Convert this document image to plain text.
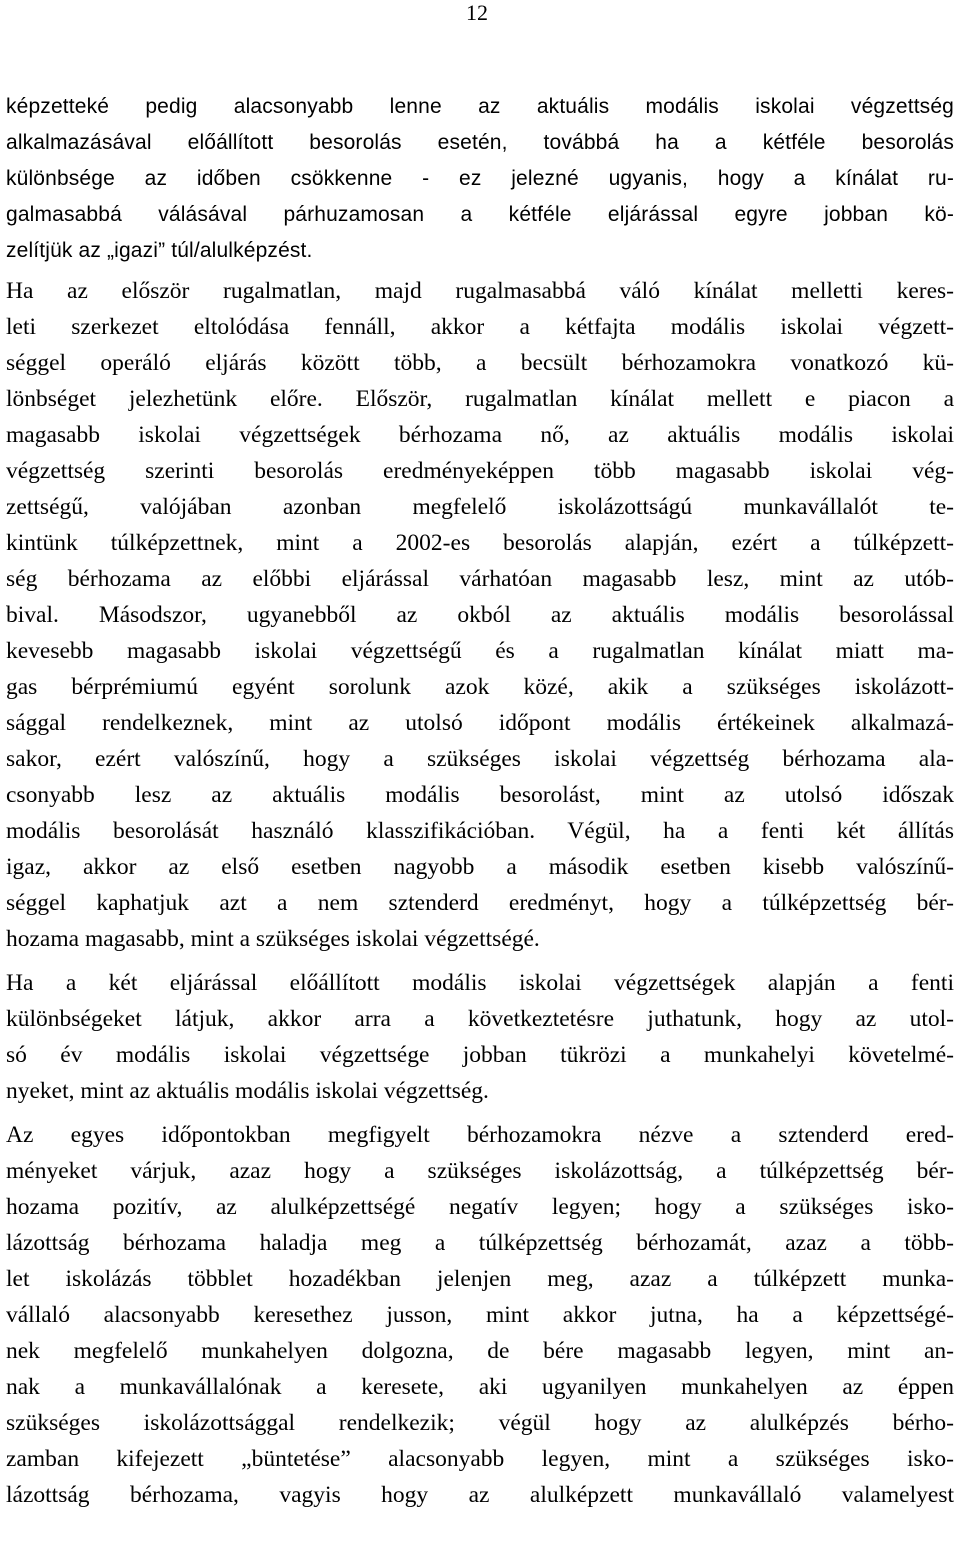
12
képzetteké pedig alacsonyabb lenne az aktuális modális iskolai végzettség
alkalmazásával előállított besorolás esetén, továbbá ha a kétféle besorolás
különbsége az időben csökkenne - ez jelezné ugyanis, hogy a kínálat ru-
galmasabbá válásával párhuzamosan a kétféle eljárással egyre jobban kö-
zelítjük az „igazi” túl/alulképzést.
Ha az először rugalmatlan, majd rugalmasabbá váló kínálat melletti keres-
leti szerkezet eltolódása fennáll, akkor a kétfajta modális iskolai végzett-
séggel operáló eljárás között több, a becsült bérhozamokra vonatkozó kü-
lönbséget jelezhetünk előre. Először, rugalmatlan kínálat mellett e piacon a
magasabb iskolai végzettségek bérhozama nő, az aktuális modális iskolai
végzettség szerinti besorolás eredményeképpen több magasabb iskolai vég-
zettségű, valójában azonban megfelelő iskolázottságú munkavállalót te-
kintünk túlképzettnek, mint a 2002-es besorolás alapján, ezért a túlképzett-
ség bérhozama az előbbi eljárással várhatóan magasabb lesz, mint az utób-
bival. Másodszor, ugyanebből az okból az aktuális modális besorolással
kevesebb magasabb iskolai végzettségű és a rugalmatlan kínálat miatt ma-
gas bérprémiumú egyént sorolunk azok közé, akik a szükséges iskolázott-
sággal rendelkeznek, mint az utolsó időpont modális értékeinek alkalmazá-
sakor, ezért valószínű, hogy a szükséges iskolai végzettség bérhozama ala-
csonyabb lesz az aktuális modális besorolást, mint az utolsó időszak
modális besorolását használó klasszifikációban. Végül, ha a fenti két állítás
igaz, akkor az első esetben nagyobb a második esetben kisebb valószínű-
séggel kaphatjuk azt a nem sztenderd eredményt, hogy a túlképzettség bér-
hozama magasabb, mint a szükséges iskolai végzettségé.
Ha a két eljárással előállított modális iskolai végzettségek alapján a fenti
különbségeket látjuk, akkor arra a következtetésre juthatunk, hogy az utol-
só év modális iskolai végzettsége jobban tükrözi a munkahelyi követelmé-
nyeket, mint az aktuális modális iskolai végzettség.
Az egyes időpontokban megfigyelt bérhozamokra nézve a sztenderd ered-
ményeket várjuk, azaz hogy a szükséges iskolázottság, a túlképzettség bér-
hozama pozitív, az alulképzettségé negatív legyen; hogy a szükséges isko-
lázottság bérhozama haladja meg a túlképzettség bérhozamát, azaz a több-
let iskolázás többlet hozadékban jelenjen meg, azaz a túlképzett munka-
vállaló alacsonyabb keresethez jusson, mint akkor jutna, ha a képzettségé-
nek megfelelő munkahelyen dolgozna, de bére magasabb legyen, mint an-
nak a munkavállalónak a keresete, aki ugyanilyen munkahelyen az éppen
szükséges iskolázottsággal rendelkezik; végül hogy az alulképzés bérho-
zamban kifejezett „büntetése” alacsonyabb legyen, mint a szükséges isko-
lázottság bérhozama, vagyis hogy az alulképzett munkavállaló valamelyest
